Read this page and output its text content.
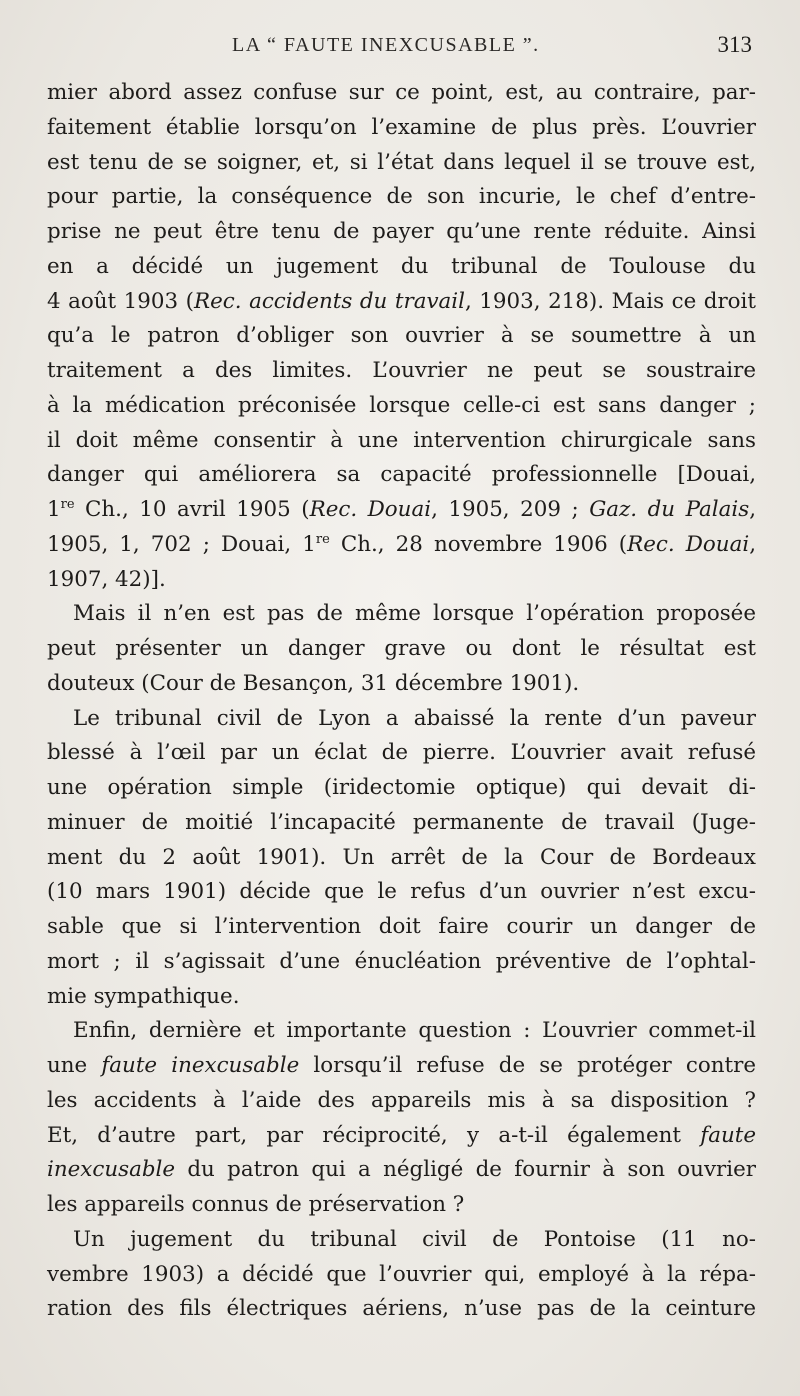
LA “ FAUTE INEXCUSABLE ”.	313
mier abord assez confuse sur ce point, est, au contraire, par-
faitement établie lorsqu’on l’examine de plus près. L’ouvrier
est tenu de se soigner, et, si l’état dans lequel il se trouve est,
pour partie, la conséquence de son incurie, le chef d’entre-
prise ne peut être tenu de payer qu’une rente réduite. Ainsi
en a décidé un jugement du tribunal de Toulouse du
4 août 1903 (Rec. accidents du travail, 1903, 218). Mais ce droit
qu’a le patron d’obliger son ouvrier à se soumettre à un
traitement a des limites. L’ouvrier ne peut se soustraire
à la médication préconisée lorsque celle-ci est sans danger ;
il doit même consentir à une intervention chirurgicale sans
danger qui améliorera sa capacité professionnelle [Douai,
1re Ch., 10 avril 1905 (Rec. Douai, 1905, 209 ; Gaz. du Palais,
1905, 1, 702 ; Douai, 1re Ch., 28 novembre 1906 (Rec. Douai,
1907, 42)].
Mais il n’en est pas de même lorsque l’opération proposée
peut présenter un danger grave ou dont le résultat est
douteux (Cour de Besançon, 31 décembre 1901).
Le tribunal civil de Lyon a abaissé la rente d’un paveur
blessé à l’œil par un éclat de pierre. L’ouvrier avait refusé
une opération simple (iridectomie optique) qui devait di-
minuer de moitié l’incapacité permanente de travail (Juge-
ment du 2 août 1901). Un arrêt de la Cour de Bordeaux
(10 mars 1901) décide que le refus d’un ouvrier n’est excu-
sable que si l’intervention doit faire courir un danger de
mort ; il s’agissait d’une énucléation préventive de l’ophtal-
mie sympathique.
Enfin, dernière et importante question : L’ouvrier commet-il
une faute inexcusable lorsqu’il refuse de se protéger contre
les accidents à l’aide des appareils mis à sa disposition ?
Et, d’autre part, par réciprocité, y a-t-il également faute
inexcusable du patron qui a négligé de fournir à son ouvrier
les appareils connus de préservation ?
Un jugement du tribunal civil de Pontoise (11 no-
vembre 1903) a décidé que l’ouvrier qui, employé à la répa-
ration des fils électriques aériens, n’use pas de la ceinture
